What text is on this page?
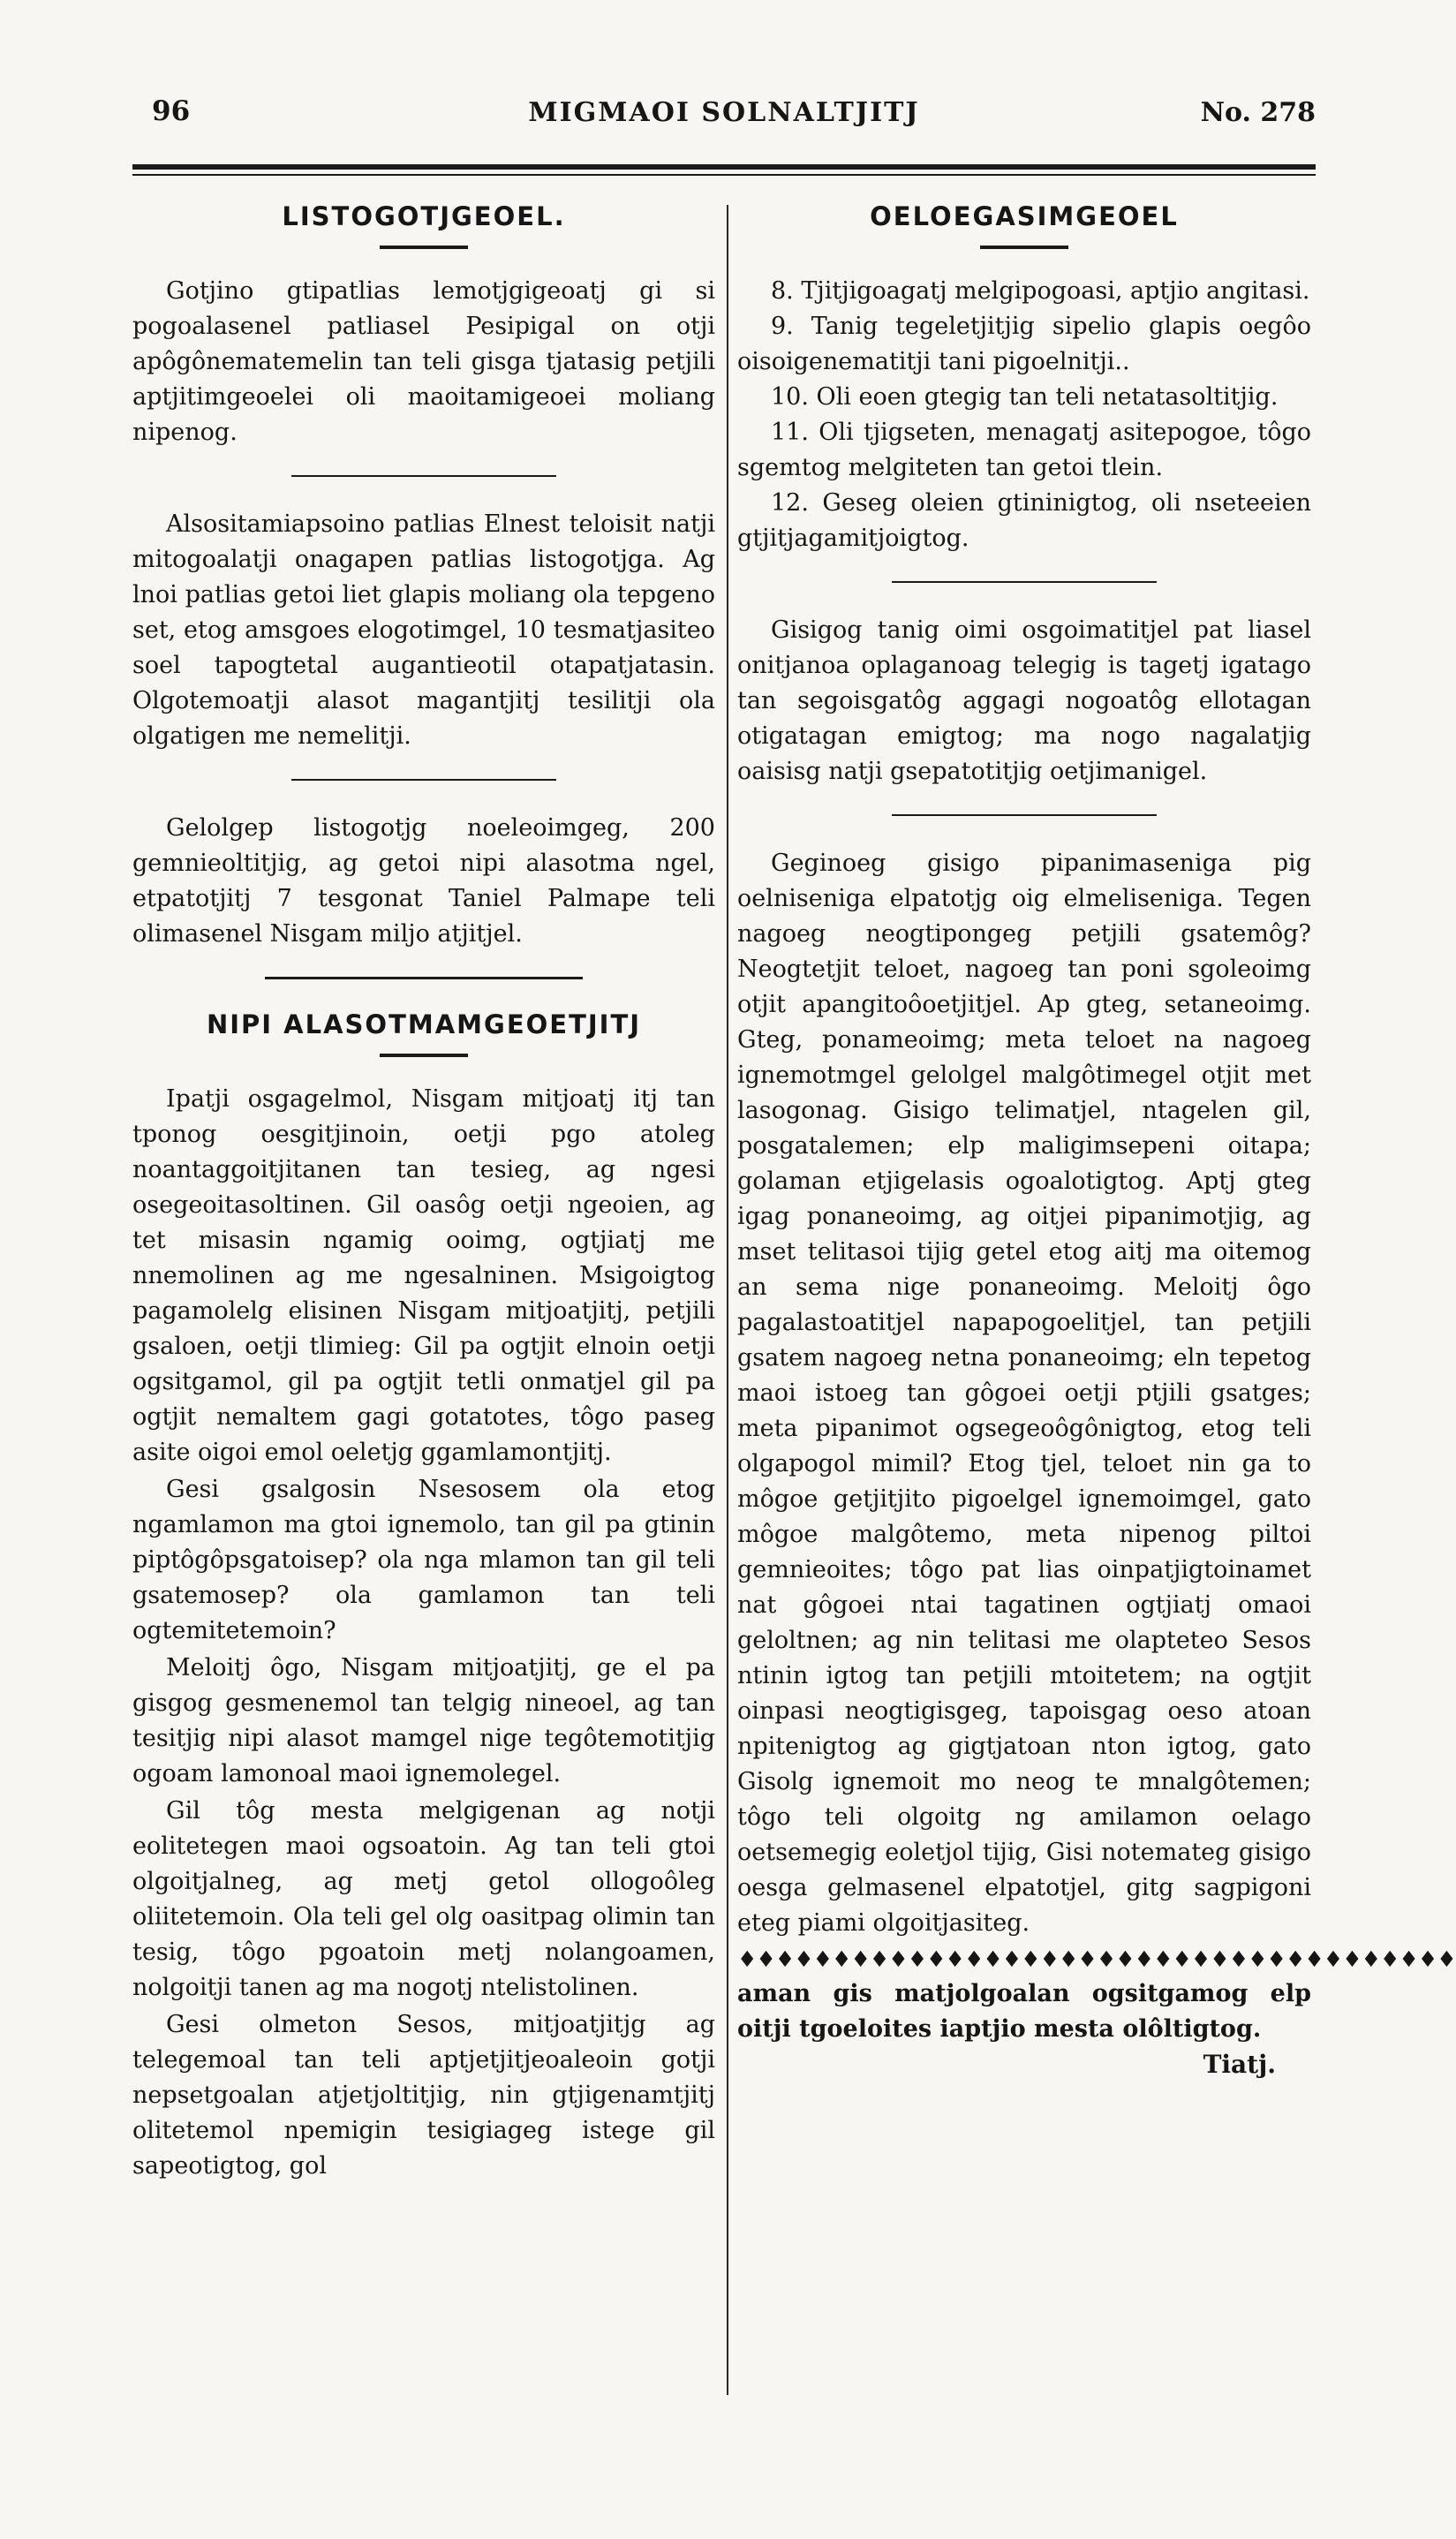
96	MIGMAOI SOLNALTJITJ	No. 278
LISTOGOTJGEOEL.

Gotjino gtipatlias lemotjgigeoatj gi si pogoalasenel patliasel Pesipigal on otji apôgônematemelin tan teli gisga tjatasig petjili aptjitimgeoelei oli maoitamigeoei moliang nipenog.

Alsositamiapsoino patlias Elnest teloisit natji mitogoalatji onagapen patlias listogotjga. Ag lnoi patlias getoi liet glapis moliang ola tepgeno set, etog amsgoes elogotimgel, 10 tesmatjasiteo soel tapogtetal augantieotil otapatjatasin. Olgotemoatji alasot magantjitj tesilitji ola olgatigen me nemelitji.

Gelolgep listogotjg noeleoimgeg, 200 gemnieoltitjig, ag getoi nipi alasotma ngel, etpatotjitj 7 tesgonat Taniel Palmape teli olimasenel Nisgam miljo atjitjel.

NIPI ALASOTMAMGEOETJITJ

Ipatji osgagelmol, Nisgam mitjoatj itj tan tponog oesgitjinoin, oetji pgo atoleg noantaggoitjitanen tan tesieg, ag ngesi osegeoitasoltinen. Gil oasôg oetji ngeoien, ag tet misasin ngamig ooimg, ogtjiatj me nnemolinen ag me ngesalninen. Msigoigtog pagamolelg elisinen Nisgam mitjoatjitj, petjili gsaloen, oetji tlimieg: Gil pa ogtjit elnoin oetji ogsitgamol, gil pa ogtjit tetli onmatjel gil pa ogtjit nemaltem gagi gotatotes, tôgo paseg asite oigoi emol oeletjg ggamlamontjitj.

Gesi gsalgosin Nsesosem ola etog ngamlamon ma gtoi ignemolo, tan gil pa gtinin piptôgôpsgatoisep? ola nga mlamon tan gil teli gsatemosep? ola gamlamon tan teli ogtemitetemoin?

Meloitj ôgo, Nisgam mitjoatjitj, ge el pa gisgog gesmenemol tan telgig nineoel, ag tan tesitjig nipi alasot mamgel nige tegôtemotitjig ogoam lamonoal maoi ignemolegel.

Gil tôg mesta melgigenan ag notji eolitetegen maoi ogsoatoin. Ag tan teli gtoi olgoitjalneg, ag metj getol ollogoôleg oliitetemoin. Ola teli gel olg oasitpag olimin tan tesig, tôgo pgoatoin metj nolangoamen, nolgoitji tanen ag ma nogotj ntelistolinen.

Gesi olmeton Sesos, mitjoatjitjg ag telegemoal tan teli aptjetjitjeoaleoin gotji nepsetgoalan atjetjoltitjig, nin gtjigenamtjitj olitetemol npemigin tesigiageg istege gil sapeotigtog, gol

OELOEGASIMGEOEL

8. Tjitjigoagatj melgipogoasi, aptjio angitasi.

9. Tanig tegeletjitjig sipelio glapis oegôo oisoigenematitji tani pigoelnitji..

10. Oli eoen gtegig tan teli netatasoltitjig.

11. Oli tjigseten, menagatj asitepogoe, tôgo sgemtog melgiteten tan getoi tlein.

12. Geseg oleien gtininigtog, oli nseteeien gtjitjagamitjoigtog.

Gisigog tanig oimi osgoimatitjel pat liasel onitjanoa oplaganoag telegig is tagetj igatago tan segoisgatôg aggagi nogoatôg ellotagan otigatagan emigtog; ma nogo nagalatjig oaisisg natji gsepatotitjig oetjimanigel.

Geginoeg gisigo pipanimaseniga pig oelniseniga elpatotjg oig elmeliseniga. Tegen nagoeg neogtipongeg petjili gsatemôg? Neogtetjit teloet, nagoeg tan poni sgoleoimg otjit apangitoôoetjitjel. Ap gteg, setaneoimg. Gteg, ponameoimg; meta teloet na nagoeg ignemotmgel gelolgel malgôtimegel otjit met lasogonag. Gisigo telimatjel, ntagelen gil, posgatalemen; elp maligimsepeni oitapa; golaman etjigelasis ogoalotigtog. Aptj gteg igag ponaneoimg, ag oitjei pipanimotjig, ag mset telitasoi tijig getel etog aitj ma oitemog an sema nige ponaneoimg. Meloitj ôgo pagalastoatitjel napapogoelitjel, tan petjili gsatem nagoeg netna ponaneoimg; eln tepetog maoi istoeg tan gôgoei oetji ptjili gsatges; meta pipanimot ogsegeoôgônigtog, etog teli olgapogol mimil? Etog tjel, teloet nin ga to môgoe getjitjito pigoelgel ignemoimgel, gato môgoe malgôtemo, meta nipenog piltoi gemnieoites; tôgo pat lias oinpatjigtoinamet nat gôgoei ntai tagatinen ogtjiatj omaoi geloltnen; ag nin telitasi me olapteteo Sesos ntinin igtog tan petjili mtoitetem; na ogtjit oinpasi neogtigisgeg, tapoisgag oeso atoan npitenigtog ag gigtjatoan nton igtog, gato Gisolg ignemoit mo neog te mnalgôtemen; tôgo teli olgoitg ng amilamon oelago oetsemegig eoletjol tijig, Gisi notemateg gisigo oesga gelmasenel elpatotjel, gitg sagpigoni eteg piami olgoitjasiteg.

♦♦♦♦♦♦♦♦♦♦♦♦♦♦♦♦♦♦♦♦♦♦♦♦♦♦♦♦♦♦♦♦♦♦♦♦♦♦

aman gis matjolgoalan ogsitgamog elp oitji tgoeloites iaptjio mesta olôltigtog.

Tiatj.
